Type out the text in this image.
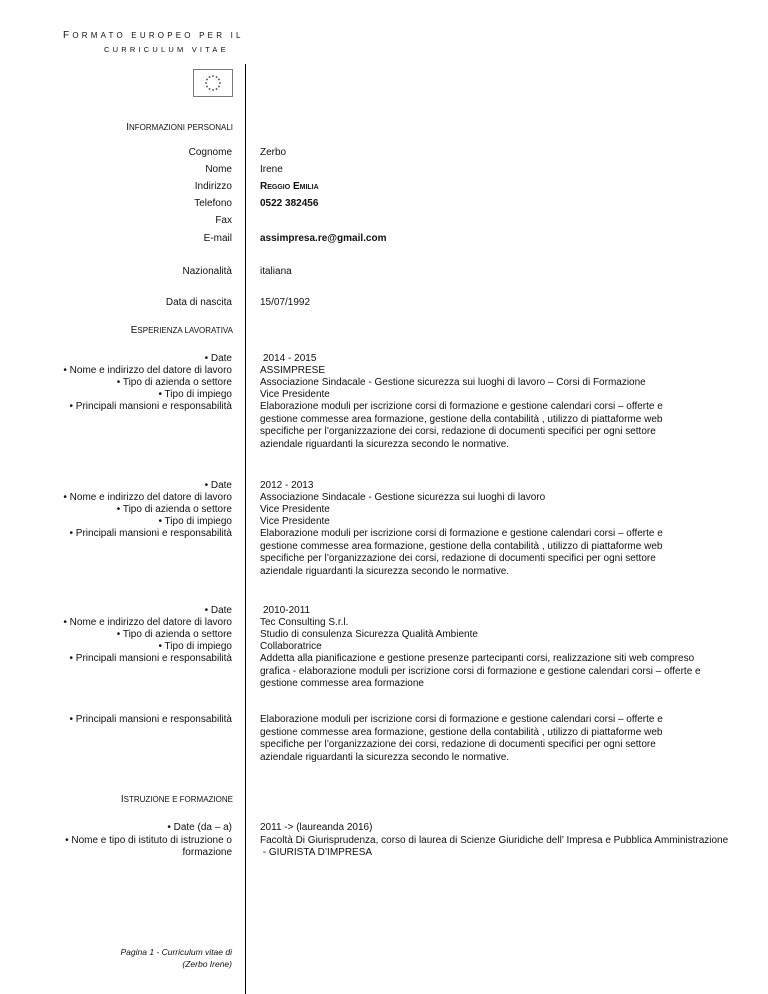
FORMATO EUROPEO PER IL
CURRICULUM VITAE
INFORMAZIONI PERSONALI
Cognome	Zerbo
Nome	Irene
Indirizzo	Reggio Emilia
Telefono	0522 382456
Fax
E-mail	assimpresa.re@gmail.com
Nazionalità	italiana
Data di nascita	15/07/1992
ESPERIENZA LAVORATIVA
• Date	2014 - 2015
• Nome e indirizzo del datore di lavoro	ASSIMPRESE
• Tipo di azienda o settore	Associazione Sindacale - Gestione sicurezza sui luoghi di lavoro – Corsi di Formazione
• Tipo di impiego	Vice Presidente
• Principali mansioni e responsabilità	Elaborazione moduli per iscrizione corsi di formazione e gestione calendari corsi – offerte e gestione commesse area formazione, gestione della contabilità , utilizzo di piattaforme web specifiche per l’organizzazione dei corsi, redazione di documenti specifici per ogni settore aziendale riguardanti la sicurezza secondo le normative.
• Date	2012 - 2013
• Nome e indirizzo del datore di lavoro	Associazione Sindacale - Gestione sicurezza sui luoghi di lavoro
• Tipo di azienda o settore	Vice Presidente
• Tipo di impiego	Vice Presidente
• Principali mansioni e responsabilità	Elaborazione moduli per iscrizione corsi di formazione e gestione calendari corsi – offerte e gestione commesse area formazione, gestione della contabilità , utilizzo di piattaforme web specifiche per l’organizzazione dei corsi, redazione di documenti specifici per ogni settore aziendale riguardanti la sicurezza secondo le normative.
• Date	2010-2011
• Nome e indirizzo del datore di lavoro	Tec Consulting S.r.l.
• Tipo di azienda o settore	Studio di consulenza Sicurezza Qualità Ambiente
• Tipo di impiego	Collaboratrice
• Principali mansioni e responsabilità	Addetta alla pianificazione e gestione presenze partecipanti corsi, realizzazione siti web compreso grafica - elaborazione moduli per iscrizione corsi di formazione e gestione calendari corsi – offerte e gestione commesse area formazione
• Principali mansioni e responsabilità	Elaborazione moduli per iscrizione corsi di formazione e gestione calendari corsi – offerte e gestione commesse area formazione, gestione della contabilità , utilizzo di piattaforme web specifiche per l’organizzazione dei corsi, redazione di documenti specifici per ogni settore aziendale riguardanti la sicurezza secondo le normative.
ISTRUZIONE E FORMAZIONE
• Date (da – a)	2011 -> (laureanda 2016)
• Nome e tipo di istituto di istruzione o	Facoltà Di Giurisprudenza, corso di laurea di Scienze Giuridiche dell’ Impresa e Pubblica Amministrazione
formazione	- GIURISTA D’IMPRESA
Pagina 1 - Curriculum vitae di
(Zerbo Irene)
